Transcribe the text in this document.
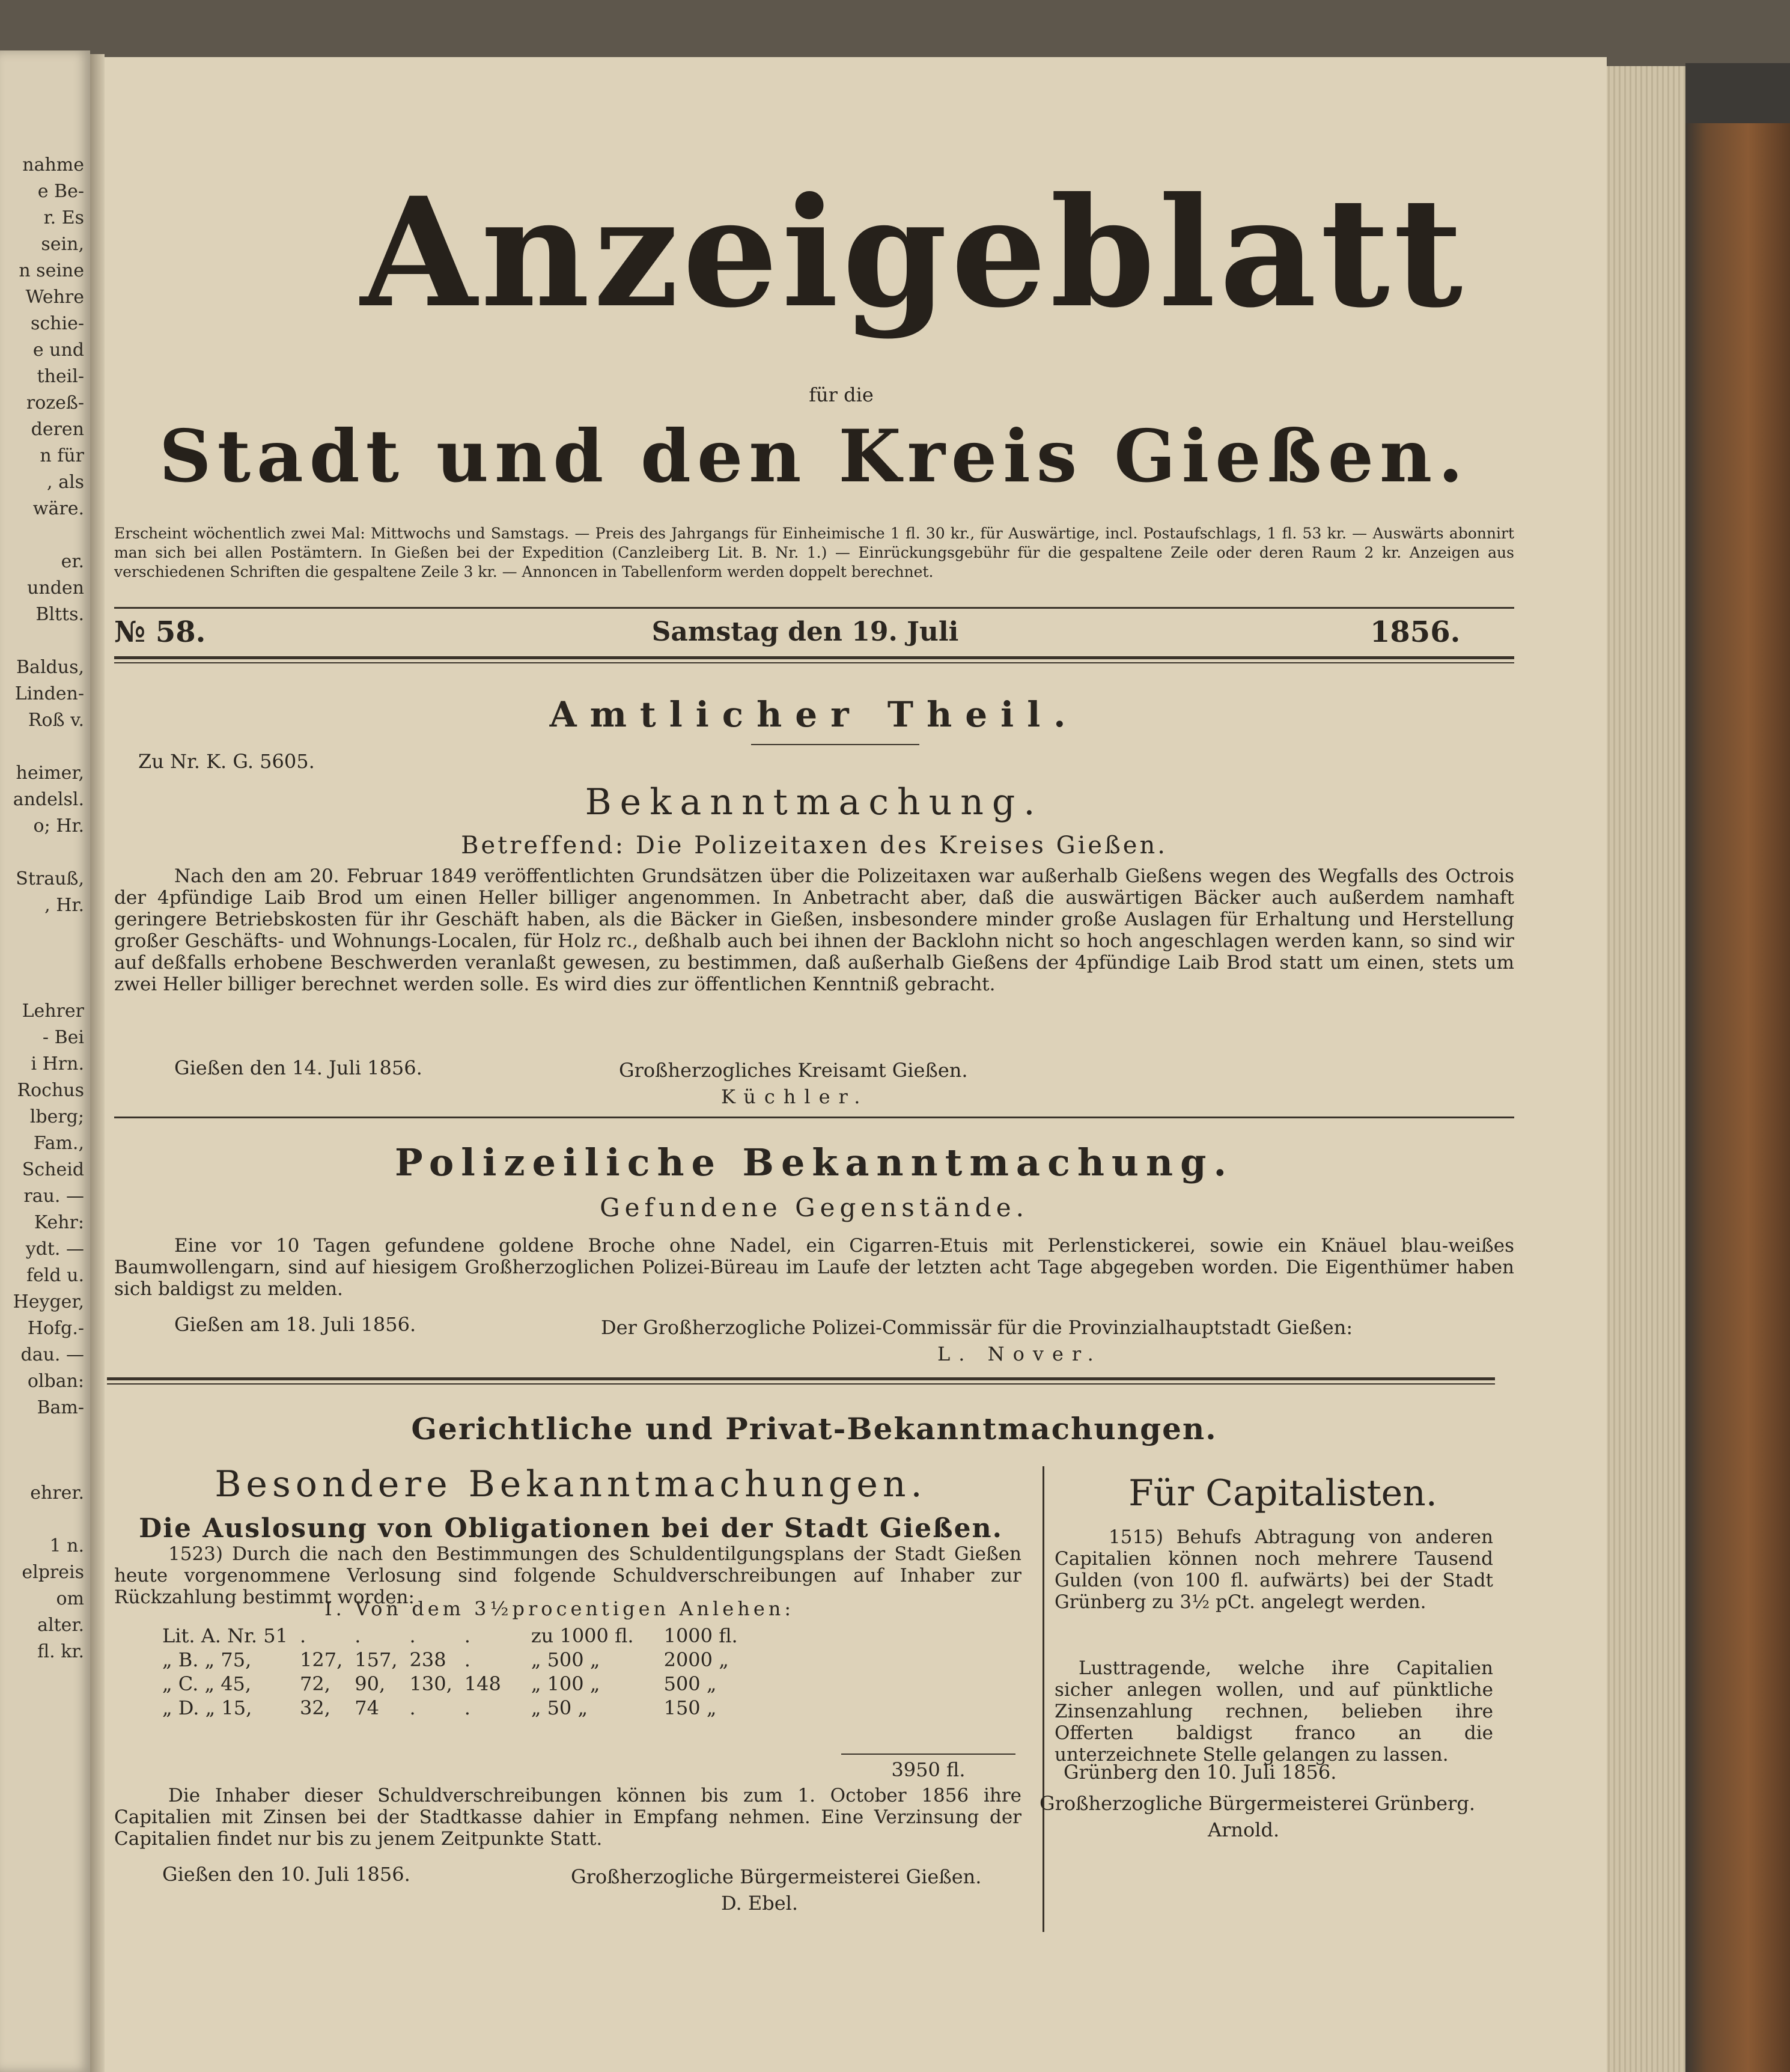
nahme
e Be-
r. Es
sein,
n seine
Wehre
schie-
e und
theil-
rozeß-
deren
n für
, als
wäre.
er.
unden
Bltts.
Baldus,
Linden-
Roß v.
heimer,
andelsl.
o; Hr.
Strauß,
, Hr.
Lehrer
- Bei
i Hrn.
Rochus
lberg;
Fam.,
Scheid
rau. —
Kehr:
ydt. —
feld u.
Heyger,
Hofg.-
dau. —
olban:
Bam-
ehrer.
1 n.
elpreis
om
alter.
fl. kr.
Anzeigeblatt
für die
Stadt und den Kreis Gießen.
Erscheint wöchentlich zwei Mal: Mittwochs und Samstags. — Preis des Jahrgangs für Einheimische 1 fl. 30 kr., für Auswärtige, incl. Postaufschlags, 1 fl. 53 kr. — Auswärts abonnirt man sich bei allen Postämtern. In Gießen bei der Expedition (Canzleiberg Lit. B. Nr. 1.) — Einrückungsgebühr für die gespaltene Zeile oder deren Raum 2 kr. Anzeigen aus verschiedenen Schriften die gespaltene Zeile 3 kr. — Annoncen in Tabellenform werden doppelt berechnet.
№ 58.	Samstag den 19. Juli	1856.
Amtlicher Theil.
Zu Nr. K. G. 5605.
Bekanntmachung.
Betreffend: Die Polizeitaxen des Kreises Gießen.
Nach den am 20. Februar 1849 veröffentlichten Grundsätzen über die Polizeitaxen war außerhalb Gießens wegen des Wegfalls des Octrois der 4pfündige Laib Brod um einen Heller billiger angenommen. In Anbetracht aber, daß die auswärtigen Bäcker auch außerdem namhaft geringere Betriebskosten für ihr Geschäft haben, als die Bäcker in Gießen, insbesondere minder große Auslagen für Erhaltung und Herstellung großer Geschäfts- und Wohnungs-Localen, für Holz rc., deßhalb auch bei ihnen der Backlohn nicht so hoch angeschlagen werden kann, so sind wir auf deßfalls erhobene Beschwerden veranlaßt gewesen, zu bestimmen, daß außerhalb Gießens der 4pfündige Laib Brod statt um einen, stets um zwei Heller billiger berechnet werden solle. Es wird dies zur öffentlichen Kenntniß gebracht.
Gießen den 14. Juli 1856.	Großherzogliches Kreisamt Gießen.
Küchler.
Polizeiliche Bekanntmachung.
Gefundene Gegenstände.
Eine vor 10 Tagen gefundene goldene Broche ohne Nadel, ein Cigarren-Etuis mit Perlenstickerei, sowie ein Knäuel blau-weißes Baumwollengarn, sind auf hiesigem Großherzoglichen Polizei-Büreau im Laufe der letzten acht Tage abgegeben worden. Die Eigenthümer haben sich baldigst zu melden.
Gießen am 18. Juli 1856.	Der Großherzogliche Polizei-Commissär für die Provinzialhauptstadt Gießen:
L. Nover.
Gerichtliche und Privat-Bekanntmachungen.
Besondere Bekanntmachungen.
Die Auslosung von Obligationen bei der Stadt Gießen.
1523) Durch die nach den Bestimmungen des Schuldentilgungsplans der Stadt Gießen heute vorgenommene Verlosung sind folgende Schuldverschreibungen auf Inhaber zur Rückzahlung bestimmt worden:
I. Von dem 3½procentigen Anlehen:
Lit. A. Nr. 51	.	.	.	.	zu 1000 fl.	1000 fl.
„ B. „ 75,	127,	157,	238	.	„ 500 „	2000 „
„ C. „ 45,	72,	90,	130,	148	„ 100 „	500 „
„ D. „ 15,	32,	74	.	.	„ 50 „	150 „
3950 fl.
Die Inhaber dieser Schuldverschreibungen können bis zum 1. October 1856 ihre Capitalien mit Zinsen bei der Stadtkasse dahier in Empfang nehmen. Eine Verzinsung der Capitalien findet nur bis zu jenem Zeitpunkte Statt.
Gießen den 10. Juli 1856.	Großherzogliche Bürgermeisterei Gießen.
D. Ebel.
Für Capitalisten.
1515) Behufs Abtragung von anderen Capitalien können noch mehrere Tausend Gulden (von 100 fl. aufwärts) bei der Stadt Grünberg zu 3½ pCt. angelegt werden.
Lusttragende, welche ihre Capitalien sicher anlegen wollen, und auf pünktliche Zinsenzahlung rechnen, belieben ihre Offerten baldigst franco an die unterzeichnete Stelle gelangen zu lassen.
Grünberg den 10. Juli 1856.
Großherzogliche Bürgermeisterei Grünberg.
Arnold.
